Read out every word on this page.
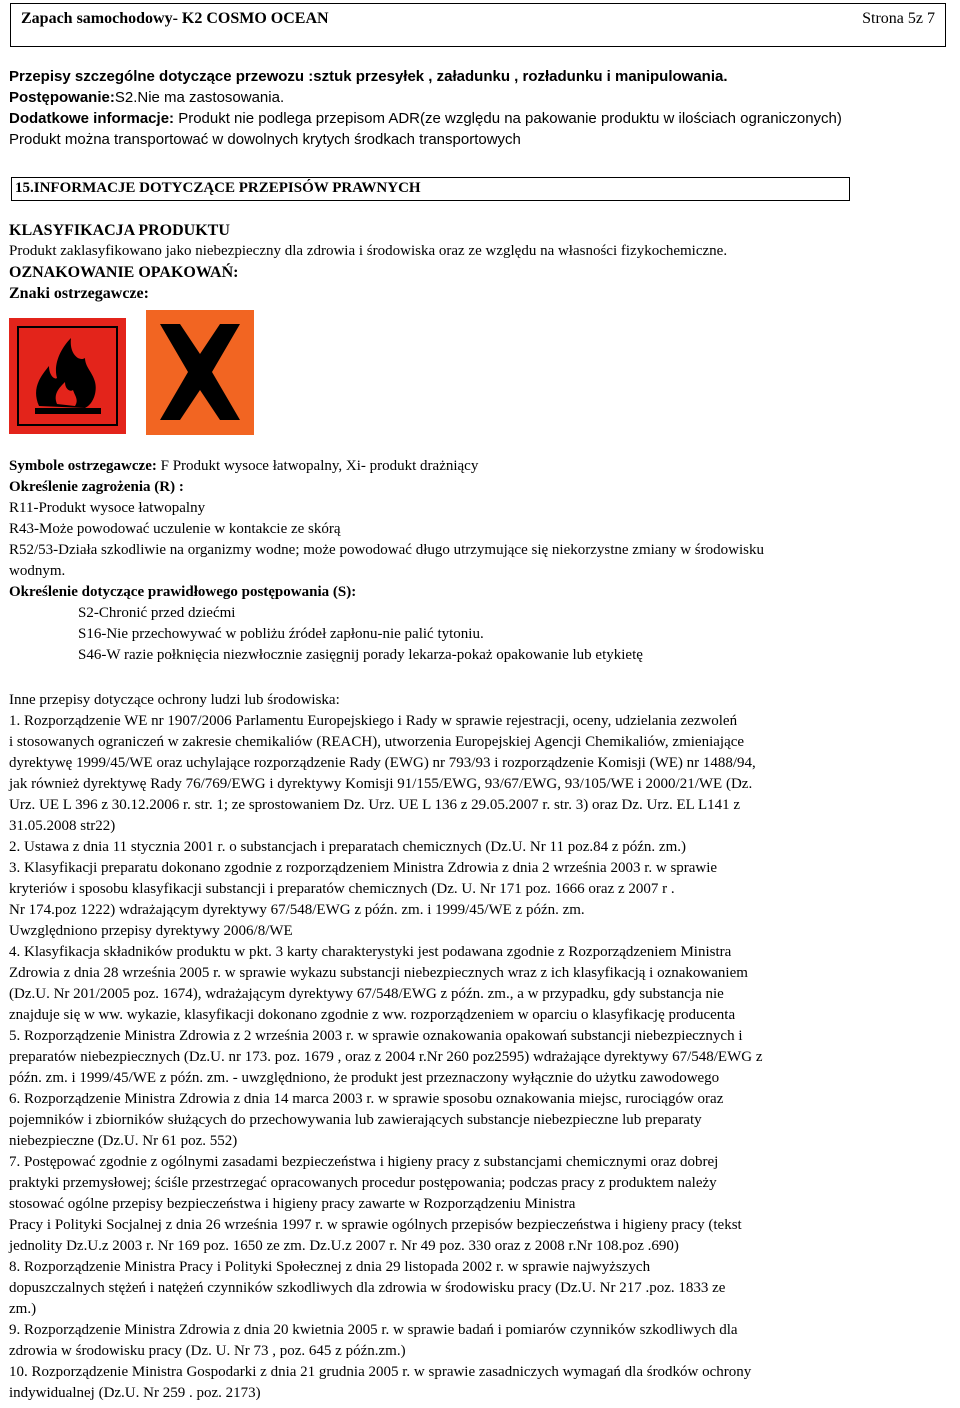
Zapach samochodowy- K2 COSMO OCEAN	Strona 5z 7
Przepisy szczególne dotyczące przewozu :sztuk przesyłek , załadunku , rozładunku i manipulowania.
Postępowanie:S2.Nie ma zastosowania.
Dodatkowe informacje: Produkt nie podlega przepisom ADR(ze względu na pakowanie produktu w ilościach ograniczonych)
Produkt można transportować w dowolnych krytych środkach transportowych
15.INFORMACJE DOTYCZĄCE PRZEPISÓW PRAWNYCH
KLASYFIKACJA PRODUKTU
Produkt zaklasyfikowano jako niebezpieczny dla zdrowia i środowiska oraz ze względu na własności fizykochemiczne.
OZNAKOWANIE OPAKOWAŃ:
Znaki ostrzegawcze:
Symbole ostrzegawcze: F Produkt wysoce łatwopalny, Xi- produkt drażniący
Określenie zagrożenia (R) :
R11-Produkt wysoce łatwopalny
R43-Może powodować uczulenie w kontakcie ze skórą
R52/53-Działa szkodliwie na organizmy wodne; może powodować długo utrzymujące się niekorzystne zmiany w środowisku
wodnym.
Określenie dotyczące prawidłowego postępowania (S):
S2-Chronić przed dziećmi
S16-Nie przechowywać w pobliżu źródeł zapłonu-nie palić tytoniu.
S46-W razie połknięcia niezwłocznie zasięgnij porady lekarza-pokaż opakowanie lub etykietę
Inne przepisy dotyczące ochrony ludzi lub środowiska:
1. Rozporządzenie WE nr 1907/2006 Parlamentu Europejskiego i Rady w sprawie rejestracji, oceny, udzielania zezwoleń
i stosowanych ograniczeń w zakresie chemikaliów (REACH), utworzenia Europejskiej Agencji Chemikaliów, zmieniające
dyrektywę 1999/45/WE oraz uchylające rozporządzenie Rady (EWG) nr 793/93 i rozporządzenie Komisji (WE) nr 1488/94,
jak również dyrektywę Rady 76/769/EWG i dyrektywy Komisji 91/155/EWG, 93/67/EWG, 93/105/WE i 2000/21/WE (Dz.
Urz. UE L 396 z 30.12.2006 r. str. 1; ze sprostowaniem Dz. Urz. UE L 136 z 29.05.2007 r. str. 3) oraz Dz. Urz. EL L141 z
31.05.2008 str22)
2. Ustawa z dnia 11 stycznia 2001 r. o substancjach i preparatach chemicznych (Dz.U. Nr 11 poz.84 z późn. zm.)
3. Klasyfikacji preparatu dokonano zgodnie z rozporządzeniem Ministra Zdrowia z dnia 2 września 2003 r. w sprawie
kryteriów i sposobu klasyfikacji substancji i preparatów chemicznych (Dz. U. Nr 171 poz. 1666 oraz z 2007 r .
Nr 174.poz 1222) wdrażającym dyrektywy 67/548/EWG z późn. zm. i 1999/45/WE z późn. zm.
Uwzględniono przepisy dyrektywy 2006/8/WE
4. Klasyfikacja składników produktu w pkt. 3 karty charakterystyki jest podawana zgodnie z Rozporządzeniem Ministra
Zdrowia z dnia 28 września 2005 r. w sprawie wykazu substancji niebezpiecznych wraz z ich klasyfikacją i oznakowaniem
(Dz.U. Nr 201/2005 poz. 1674), wdrażającym dyrektywy 67/548/EWG z późn. zm., a w przypadku, gdy substancja nie
znajduje się w ww. wykazie, klasyfikacji dokonano zgodnie z ww. rozporządzeniem w oparciu o klasyfikację producenta
5. Rozporządzenie Ministra Zdrowia z 2 września 2003 r. w sprawie oznakowania opakowań substancji niebezpiecznych i
preparatów niebezpiecznych (Dz.U. nr 173. poz. 1679 , oraz z 2004 r.Nr 260 poz2595) wdrażające dyrektywy 67/548/EWG z
późn. zm. i 1999/45/WE z późn. zm. - uwzględniono, że produkt jest przeznaczony wyłącznie do użytku zawodowego
6. Rozporządzenie Ministra Zdrowia z dnia 14 marca 2003 r. w sprawie sposobu oznakowania miejsc, rurociągów oraz
pojemników i zbiorników służących do przechowywania lub zawierających substancje niebezpieczne lub preparaty
niebezpieczne (Dz.U. Nr 61 poz. 552)
7. Postępować zgodnie z ogólnymi zasadami bezpieczeństwa i higieny pracy z substancjami chemicznymi oraz dobrej
praktyki przemysłowej; ściśle przestrzegać opracowanych procedur postępowania; podczas pracy z produktem należy
stosować ogólne przepisy bezpieczeństwa i higieny pracy zawarte w Rozporządzeniu Ministra
Pracy i Polityki Socjalnej z dnia 26 września 1997 r. w sprawie ogólnych przepisów bezpieczeństwa i higieny pracy (tekst
jednolity Dz.U.z 2003 r. Nr 169 poz. 1650 ze zm. Dz.U.z 2007 r. Nr 49 poz. 330 oraz z 2008 r.Nr 108.poz .690)
8. Rozporządzenie Ministra Pracy i Polityki Społecznej z dnia 29 listopada 2002 r. w sprawie najwyższych
dopuszczalnych stężeń i natężeń czynników szkodliwych dla zdrowia w środowisku pracy (Dz.U. Nr 217 .poz. 1833 ze
zm.)
9. Rozporządzenie Ministra Zdrowia z dnia 20 kwietnia 2005 r. w sprawie badań i pomiarów czynników szkodliwych dla
zdrowia w środowisku pracy (Dz. U. Nr 73 , poz. 645 z późn.zm.)
10. Rozporządzenie Ministra Gospodarki z dnia 21 grudnia 2005 r. w sprawie zasadniczych wymagań dla środków ochrony
indywidualnej (Dz.U. Nr 259 . poz. 2173)
